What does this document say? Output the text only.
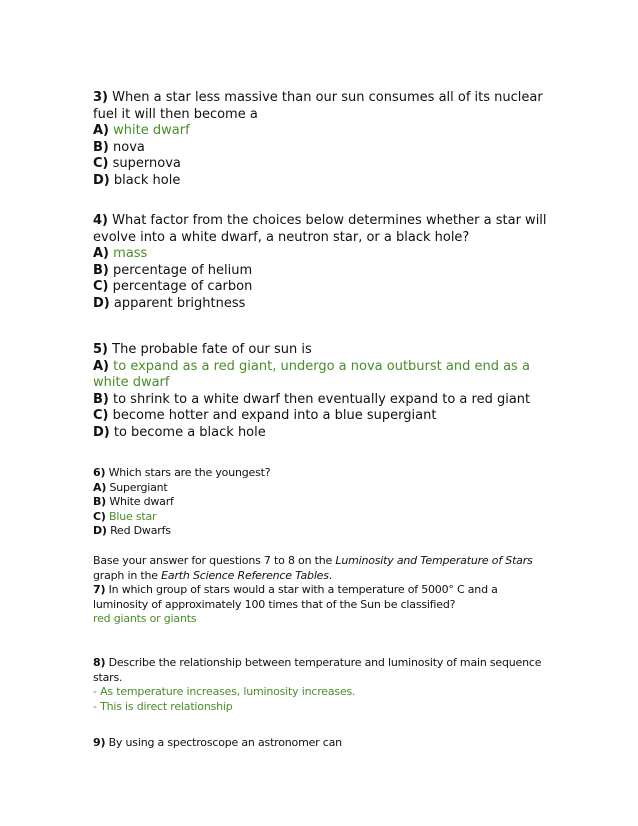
3) When a star less massive than our sun consumes all of its nuclear fuel it will then become a
A) white dwarf
B) nova
C) supernova
D) black hole
4) What factor from the choices below determines whether a star will evolve into a white dwarf, a neutron star, or a black hole?
A) mass
B) percentage of helium
C) percentage of carbon
D) apparent brightness
5) The probable fate of our sun is
A) to expand as a red giant, undergo a nova outburst and end as a white dwarf
B) to shrink to a white dwarf then eventually expand to a red giant
C) become hotter and expand into a blue supergiant
D) to become a black hole
6) Which stars are the youngest?
A) Supergiant
B) White dwarf
C) Blue star
D) Red Dwarfs
Base your answer for questions 7 to 8 on the Luminosity and Temperature of Stars graph in the Earth Science Reference Tables.
7) In which group of stars would a star with a temperature of 5000° C and a luminosity of approximately 100 times that of the Sun be classified?
red giants or giants
8) Describe the relationship between temperature and luminosity of main sequence stars.
- As temperature increases, luminosity increases.
- This is direct relationship
9) By using a spectroscope an astronomer can
